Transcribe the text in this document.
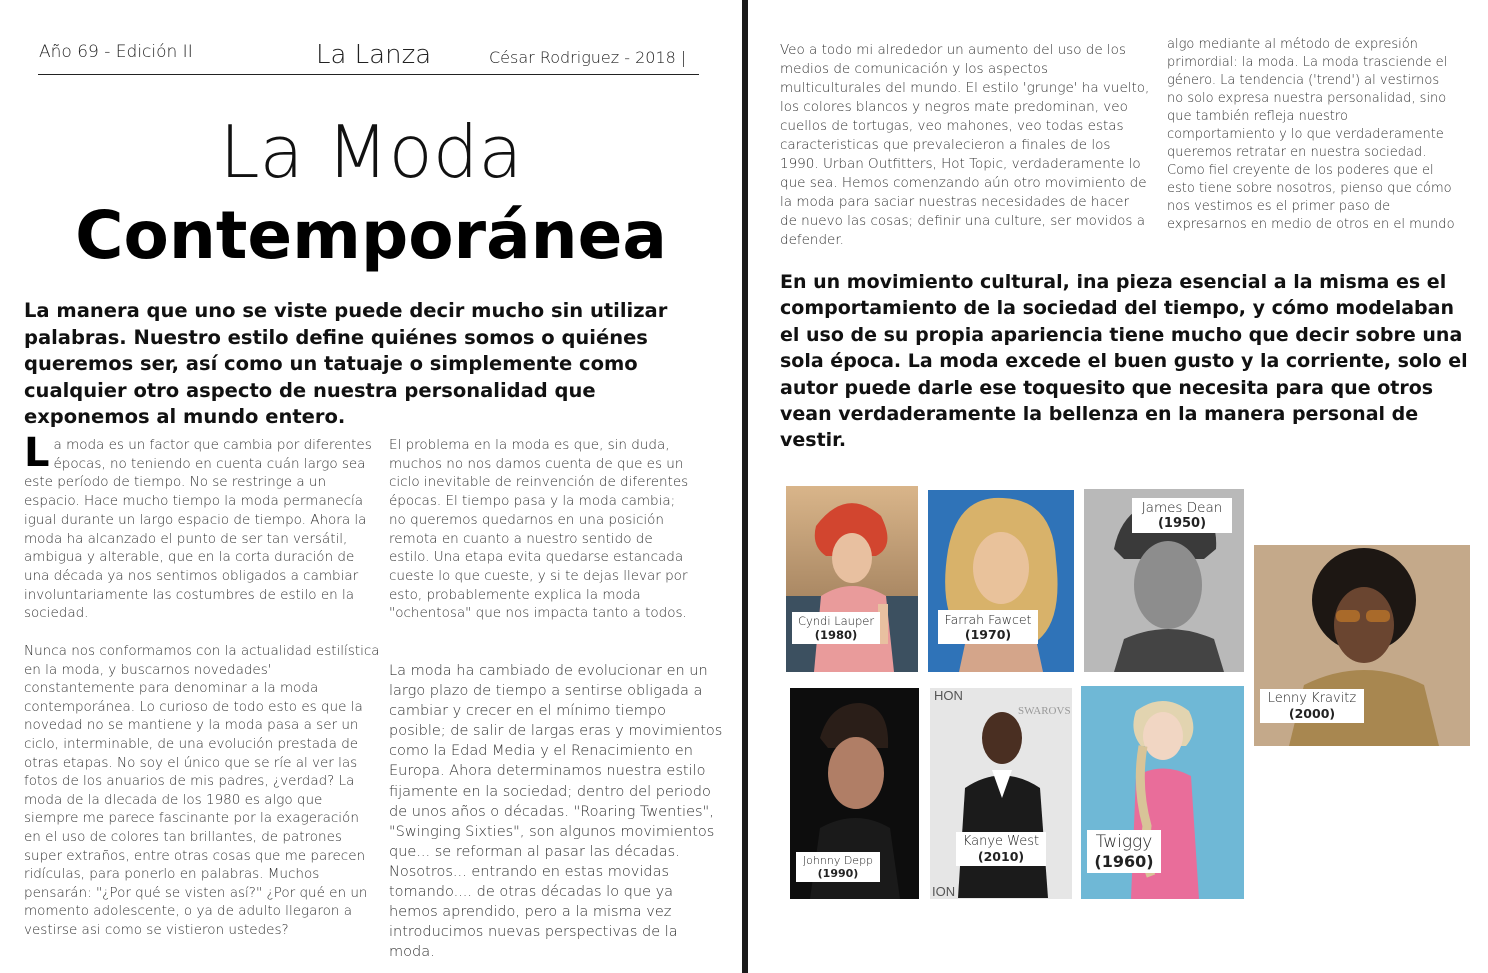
Año 69 - Edición II	La Lanza	César Rodriguez - 2018 |
La Moda
Contemporánea

La manera que uno se viste puede decir mucho sin utilizar palabras. Nuestro estilo define quiénes somos o quiénes queremos ser, así como un tatuaje o simplemente como cualquier otro aspecto de nuestra personalidad que exponemos al mundo entero.

La moda es un factor que cambia por diferentes épocas, no teniendo en cuenta cuán largo sea este período de tiempo. No se restringe a un espacio. Hace mucho tiempo la moda permanecía igual durante un largo espacio de tiempo. Ahora la moda ha alcanzado el punto de ser tan versátil, ambigua y alterable, que en la corta duración de una década ya nos sentimos obligados a cambiar involuntariamente las costumbres de estilo en la sociedad.

Nunca nos conformamos con la actualidad estilística en la moda, y buscarnos novedades' constantemente para denominar a la moda contemporánea. Lo curioso de todo esto es que la novedad no se mantiene y la moda pasa a ser un ciclo, interminable, de una evolución prestada de otras etapas. No soy el único que se ríe al ver las fotos de los anuarios de mis padres, ¿verdad? La moda de la dlecada de los 1980 es algo que siempre me parece fascinante por la exageración en el uso de colores tan brillantes, de patrones super extraños, entre otras cosas que me parecen ridículas, para ponerlo en palabras. Muchos pensarán: "¿Por qué se visten así?" ¿Por qué en un momento adolescente, o ya de adulto llegaron a vestirse asi como se vistieron ustedes?

El problema en la moda es que, sin duda, muchos no nos damos cuenta de que es un ciclo inevitable de reinvención de diferentes épocas. El tiempo pasa y la moda cambia; no queremos quedarnos en una posición remota en cuanto a nuestro sentido de estilo. Una etapa evita quedarse estancada cueste lo que cueste, y si te dejas llevar por esto, probablemente explica la moda "ochentosa" que nos impacta tanto a todos.

La moda ha cambiado de evolucionar en un largo plazo de tiempo a sentirse obligada a cambiar y crecer en el mínimo tiempo posible; de salir de largas eras y movimientos como la Edad Media y el Renacimiento en Europa. Ahora determinamos nuestra estilo fijamente en la sociedad; dentro del periodo de unos años o décadas. "Roaring Twenties", "Swinging Sixties", son algunos movimientos que... se reforman al pasar las décadas. Nosotros... entrando en estas movidas tomando.... de otras décadas lo que ya hemos aprendido, pero a la misma vez introducimos nuevas perspectivas de la moda.

Veo a todo mi alrededor un aumento del uso de los medios de comunicación y los aspectos multiculturales del mundo. El estilo 'grunge' ha vuelto, los colores blancos y negros mate predominan, veo cuellos de tortugas, veo mahones, veo todas estas caracteristicas que prevalecieron a finales de los 1990. Urban Outfitters, Hot Topic, verdaderamente lo que sea. Hemos comenzando aún otro movimiento de la moda para saciar nuestras necesidades de hacer de nuevo las cosas; definir una culture, ser movidos a defender.

algo mediante al método de expresión primordial: la moda. La moda trasciende el género. La tendencia ('trend') al vestirnos no solo expresa nuestra personalidad, sino que también refleja nuestro comportamiento y lo que verdaderamente queremos retratar en nuestra sociedad. Como fiel creyente de los poderes que el esto tiene sobre nosotros, pienso que cómo nos vestimos es el primer paso de expresarnos en medio de otros en el mundo

En un movimiento cultural, ina pieza esencial a la misma es el comportamiento de la sociedad del tiempo, y cómo modelaban el uso de su propia apariencia tiene mucho que decir sobre una sola época. La moda excede el buen gusto y la corriente, solo el autor puede darle ese toquesito que necesita para que otros vean verdaderamente la bellenza en la manera personal de vestir.

Cyndi Lauper
(1980)
Farrah Fawcet
(1970)
James Dean
(1950)
Lenny Kravitz
(2000)
Johnny Depp
(1990)
HON
SWAROVS
ION
Kanye West
(2010)
Twiggy
(1960)
